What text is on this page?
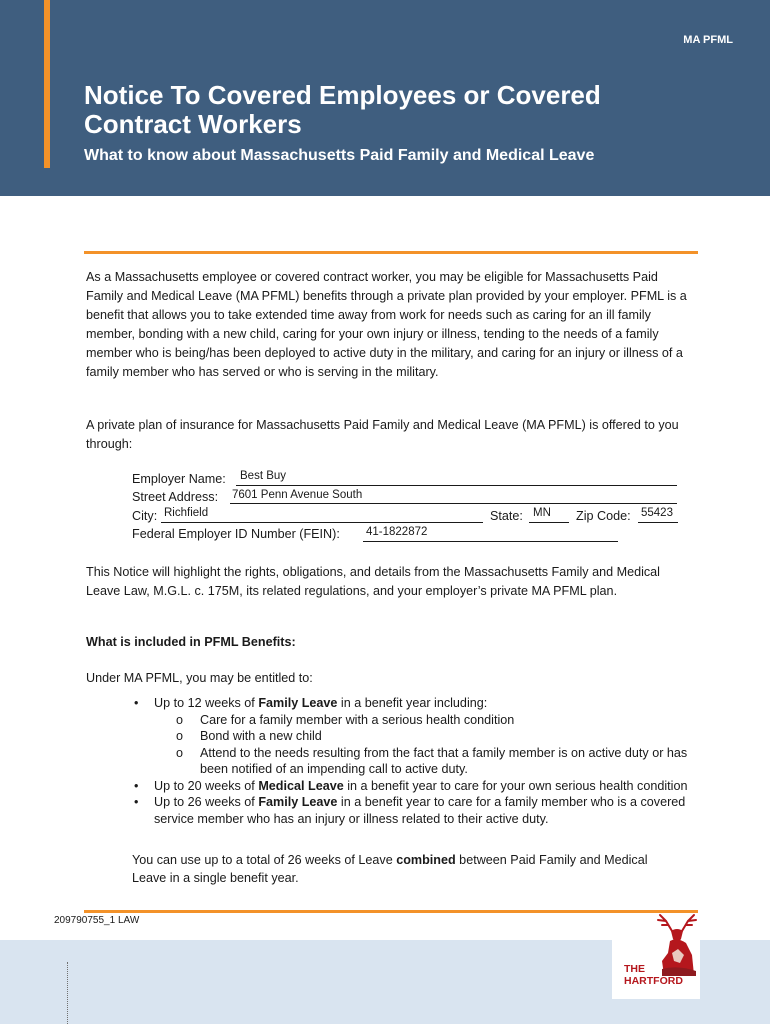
MA PFML
Notice To Covered Employees or Covered Contract Workers
What to know about Massachusetts Paid Family and Medical Leave

As a Massachusetts employee or covered contract worker, you may be eligible for Massachusetts Paid Family and Medical Leave (MA PFML) benefits through a private plan provided by your employer. PFML is a benefit that allows you to take extended time away from work for needs such as caring for an ill family member, bonding with a new child, caring for your own injury or illness, tending to the needs of a family member who is being/has been deployed to active duty in the military, and caring for an injury or illness of a family member who has served or who is serving in the military.

A private plan of insurance for Massachusetts Paid Family and Medical Leave (MA PFML) is offered to you through:

Employer Name: Best Buy
Street Address: 7601 Penn Avenue South
City: Richfield	State: MN Zip Code: 55423
Federal Employer ID Number (FEIN): 41-1822872

This Notice will highlight the rights, obligations, and details from the Massachusetts Family and Medical Leave Law, M.G.L. c. 175M, its related regulations, and your employer’s private MA PFML plan.

What is included in PFML Benefits:

Under MA PFML, you may be entitled to:

• Up to 12 weeks of Family Leave in a benefit year including:
o Care for a family member with a serious health condition
o Bond with a new child
o Attend to the needs resulting from the fact that a family member is on active duty or has been notified of an impending call to active duty.
• Up to 20 weeks of Medical Leave in a benefit year to care for your own serious health condition
• Up to 26 weeks of Family Leave in a benefit year to care for a family member who is a covered service member who has an injury or illness related to their active duty.

You can use up to a total of 26 weeks of Leave combined between Paid Family and Medical Leave in a single benefit year.

209790755_1 LAW
THE
HARTFORD
